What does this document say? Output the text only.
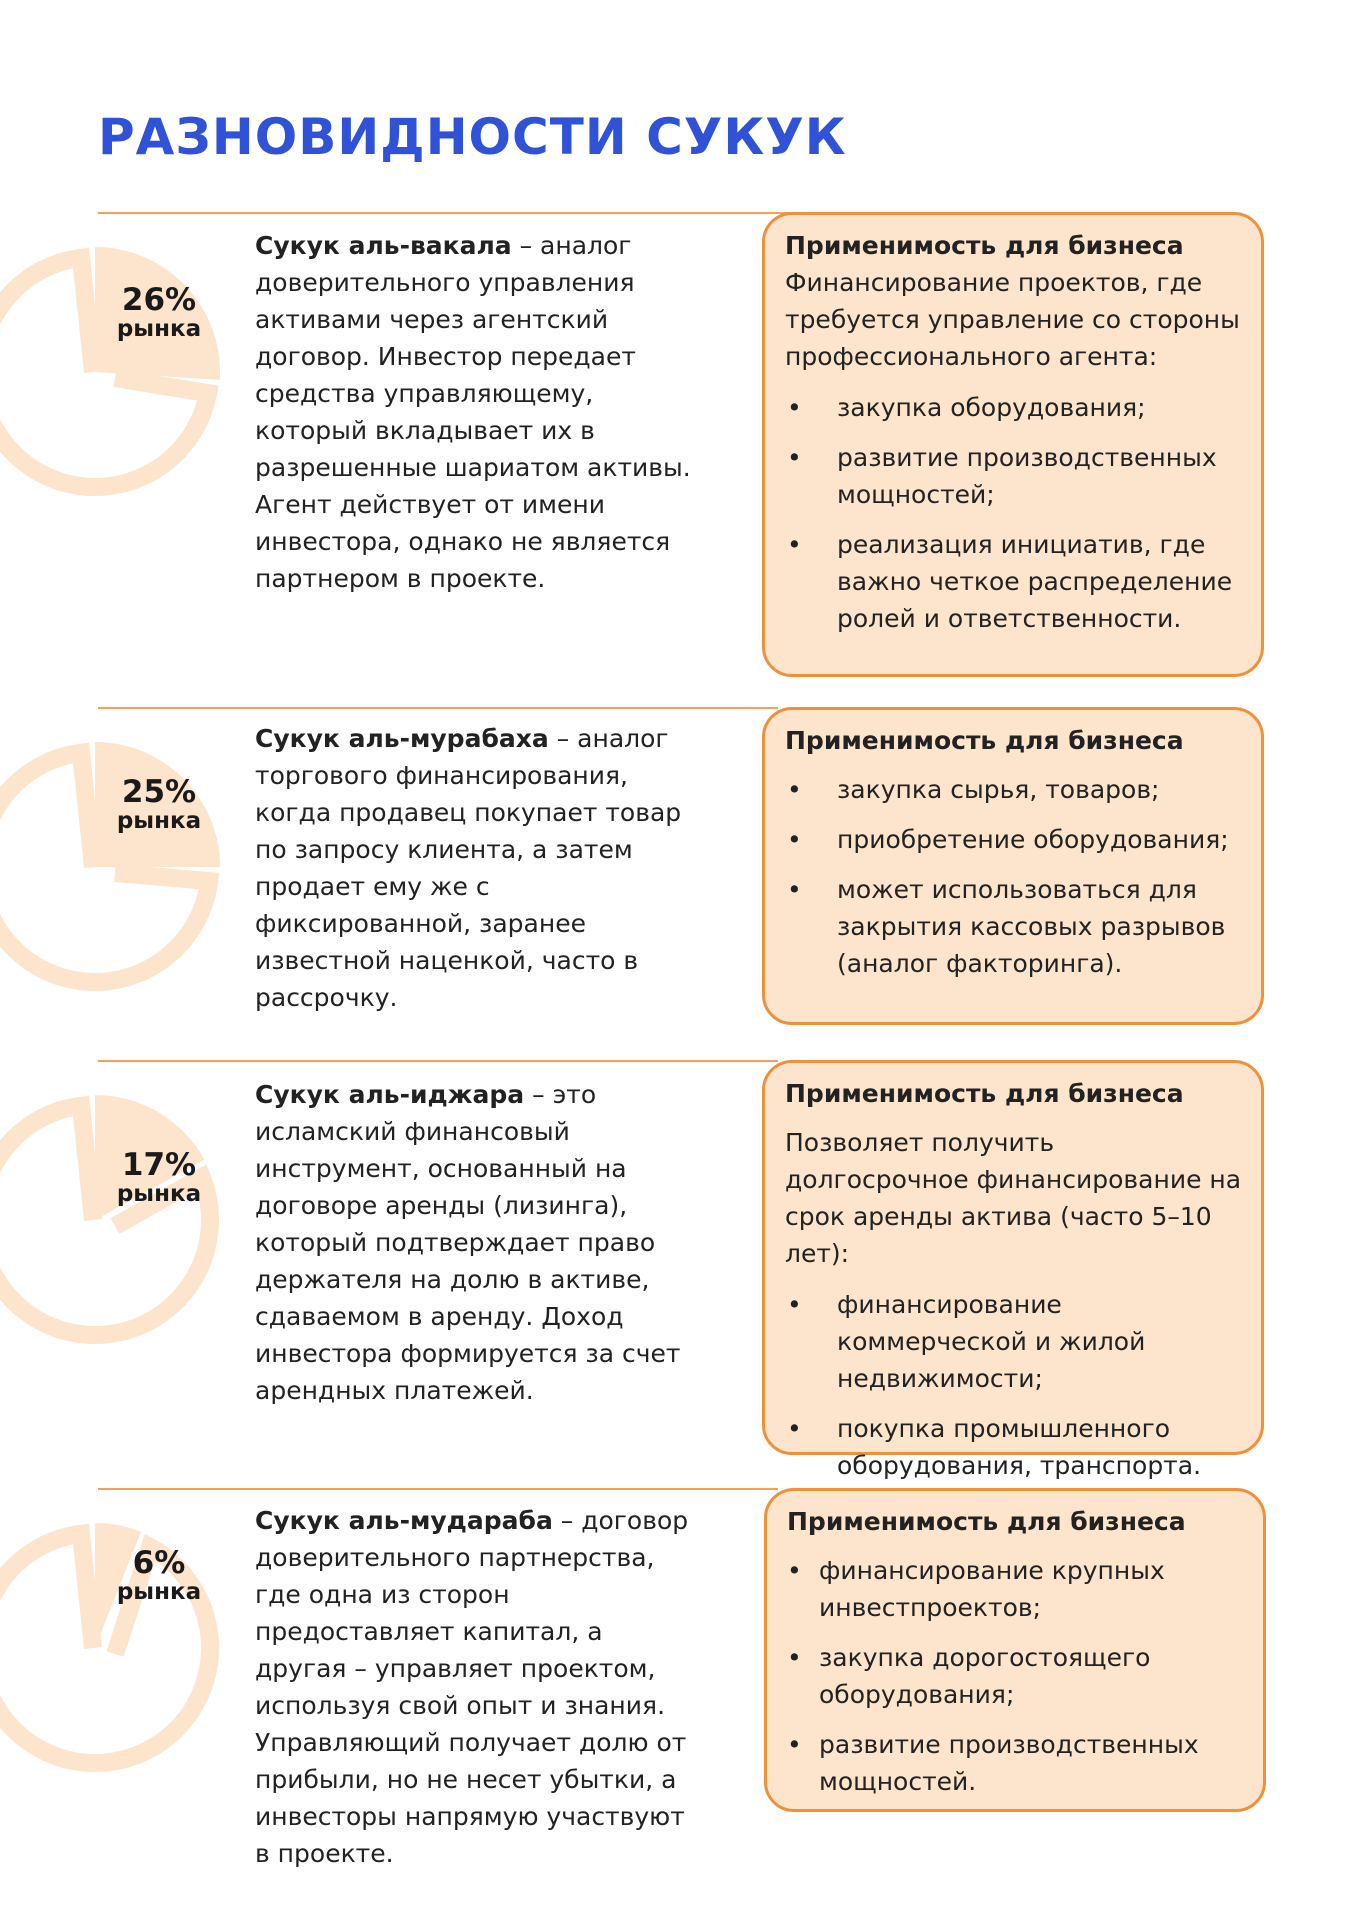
РАЗНОВИДНОСТИ СУКУК
26%
рынка
Сукук аль-вакала – аналог доверительного управления активами через агентский договор. Инвестор передает средства управляющему, который вкладывает их в разрешенные шариатом активы. Агент действует от имени инвестора, однако не является партнером в проекте.
Применимость для бизнеса
Финансирование проектов, где требуется управление со стороны профессионального агента:
• закупка оборудования;
• развитие производственных мощностей;
• реализация инициатив, где важно четкое распределение ролей и ответственности.
25%
рынка
Сукук аль-мурабаха – аналог торгового финансирования, когда продавец покупает товар по запросу клиента, а затем продает ему же с фиксированной, заранее известной наценкой, часто в рассрочку.
Применимость для бизнеса
• закупка сырья, товаров;
• приобретение оборудования;
• может использоваться для закрытия кассовых разрывов (аналог факторинга).
17%
рынка
Сукук аль-иджара – это исламский финансовый инструмент, основанный на договоре аренды (лизинга), который подтверждает право держателя на долю в активе, сдаваемом в аренду. Доход инвестора формируется за счет арендных платежей.
Применимость для бизнеса
Позволяет получить долгосрочное финансирование на срок аренды актива (часто 5–10 лет):
• финансирование коммерческой и жилой недвижимости;
• покупка промышленного оборудования, транспорта.
6%
рынка
Сукук аль-мудараба – договор доверительного партнерства, где одна из сторон предоставляет капитал, а другая – управляет проектом, используя свой опыт и знания. Управляющий получает долю от прибыли, но не несет убытки, а инвесторы напрямую участвуют в проекте.
Применимость для бизнеса
• финансирование крупных инвестпроектов;
• закупка дорогостоящего оборудования;
• развитие производственных мощностей.
